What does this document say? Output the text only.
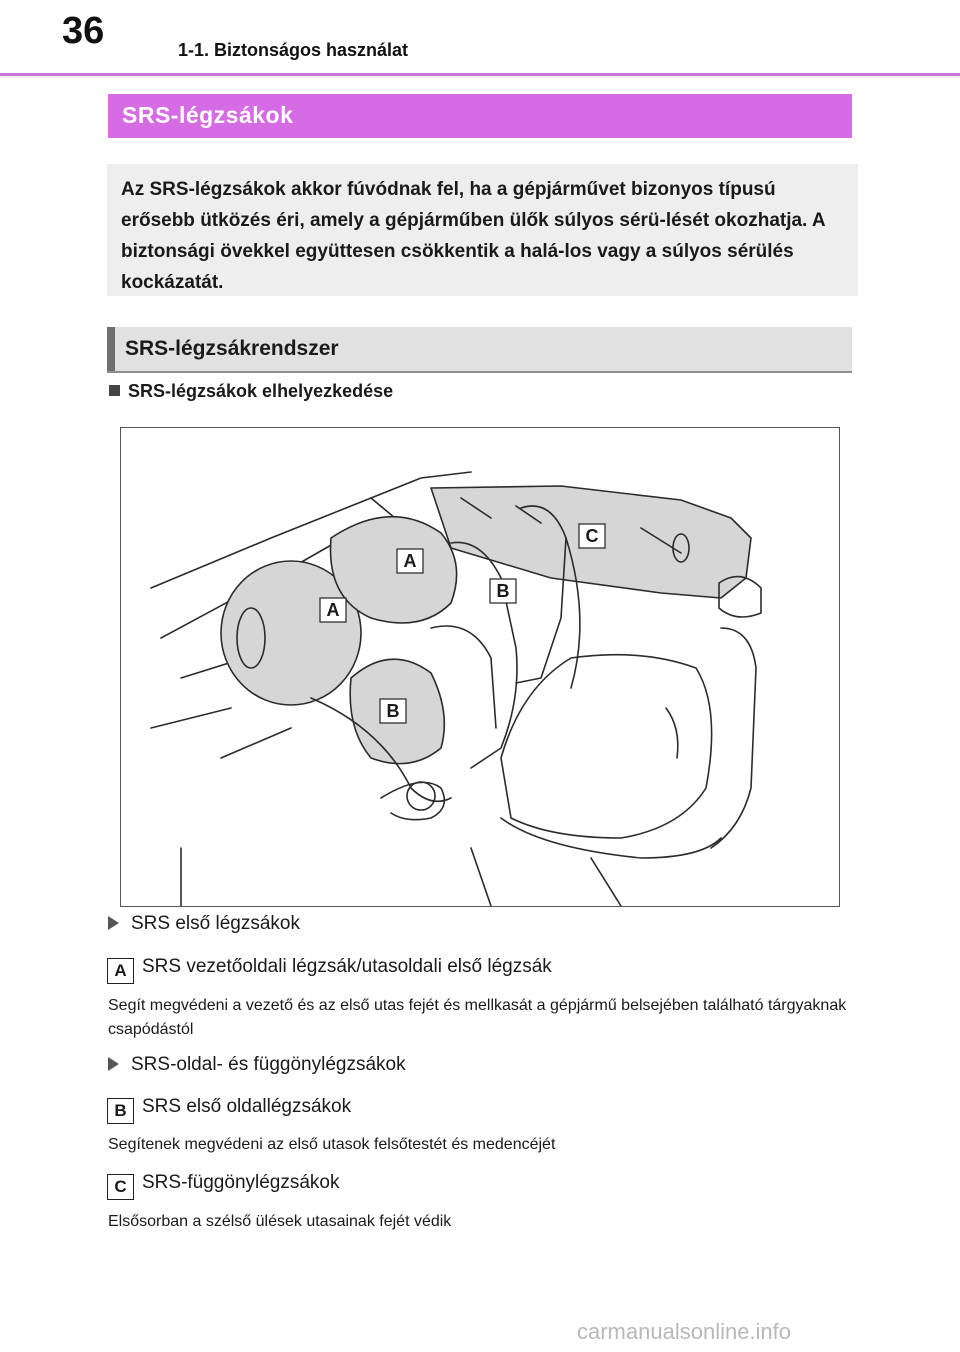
36	1-1. Biztonságos használat
SRS-légzsákok

Az SRS-légzsákok akkor fúvódnak fel, ha a gépjárművet bizonyos típusú erősebb ütközés éri, amely a gépjárműben ülők súlyos sérü-lését okozhatja. A biztonsági övekkel együttesen csökkentik a halá-los vagy a súlyos sérülés kockázatát.

SRS-légzsákrendszer
SRS-légzsákok elhelyezkedése
A
A
B
B
C
SRS első légzsákok
A SRS vezetőoldali légzsák/utasoldali első légzsák
Segít megvédeni a vezető és az első utas fejét és mellkasát a gépjármű belsejében található tárgyaknak csapódástól
SRS-oldal- és függönylégzsákok
B SRS első oldallégzsákok
Segítenek megvédeni az első utasok felsőtestét és medencéjét
C SRS-függönylégzsákok
Elsősorban a szélső ülések utasainak fejét védik
carmanualsonline.info
